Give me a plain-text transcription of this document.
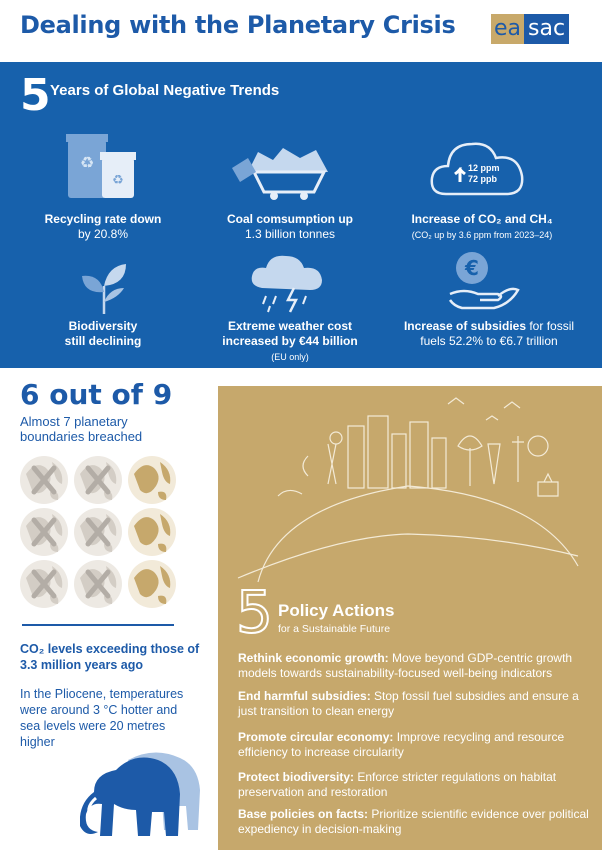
Dealing with the Planetary Crisis ea sac
5 Years of Global Negative Trends
♻
♻
Recycling rate down
by 20.8%
Coal comsumption up
1.3 billion tonnes
12 ppm
72 ppb
Increase of CO₂ and CH₄
(CO₂ up by 3.6 ppm from 2023–24)
Biodiversity
still declining
Extreme weather cost
increased by €44 billion
(EU only)
€
Increase of subsidies for fossil
fuels 52.2% to €6.7 trillion
6 out of 9
Almost 7 planetary boundaries breached
CO₂ levels exceeding those of 3.3 million years ago
In the Pliocene, temperatures were around 3 °C hotter and sea levels were 20 metres higher
5 Policy Actions
for a Sustainable Future
Rethink economic growth: Move beyond GDP-centric growth models towards sustainability-focused well-being indicators
End harmful subsidies: Stop fossil fuel subsidies and ensure a just transition to clean energy
Promote circular economy: Improve recycling and resource efficiency to increase circularity
Protect biodiversity: Enforce stricter regulations on habitat preservation and restoration
Base policies on facts: Prioritize scientific evidence over political expediency in decision-making
